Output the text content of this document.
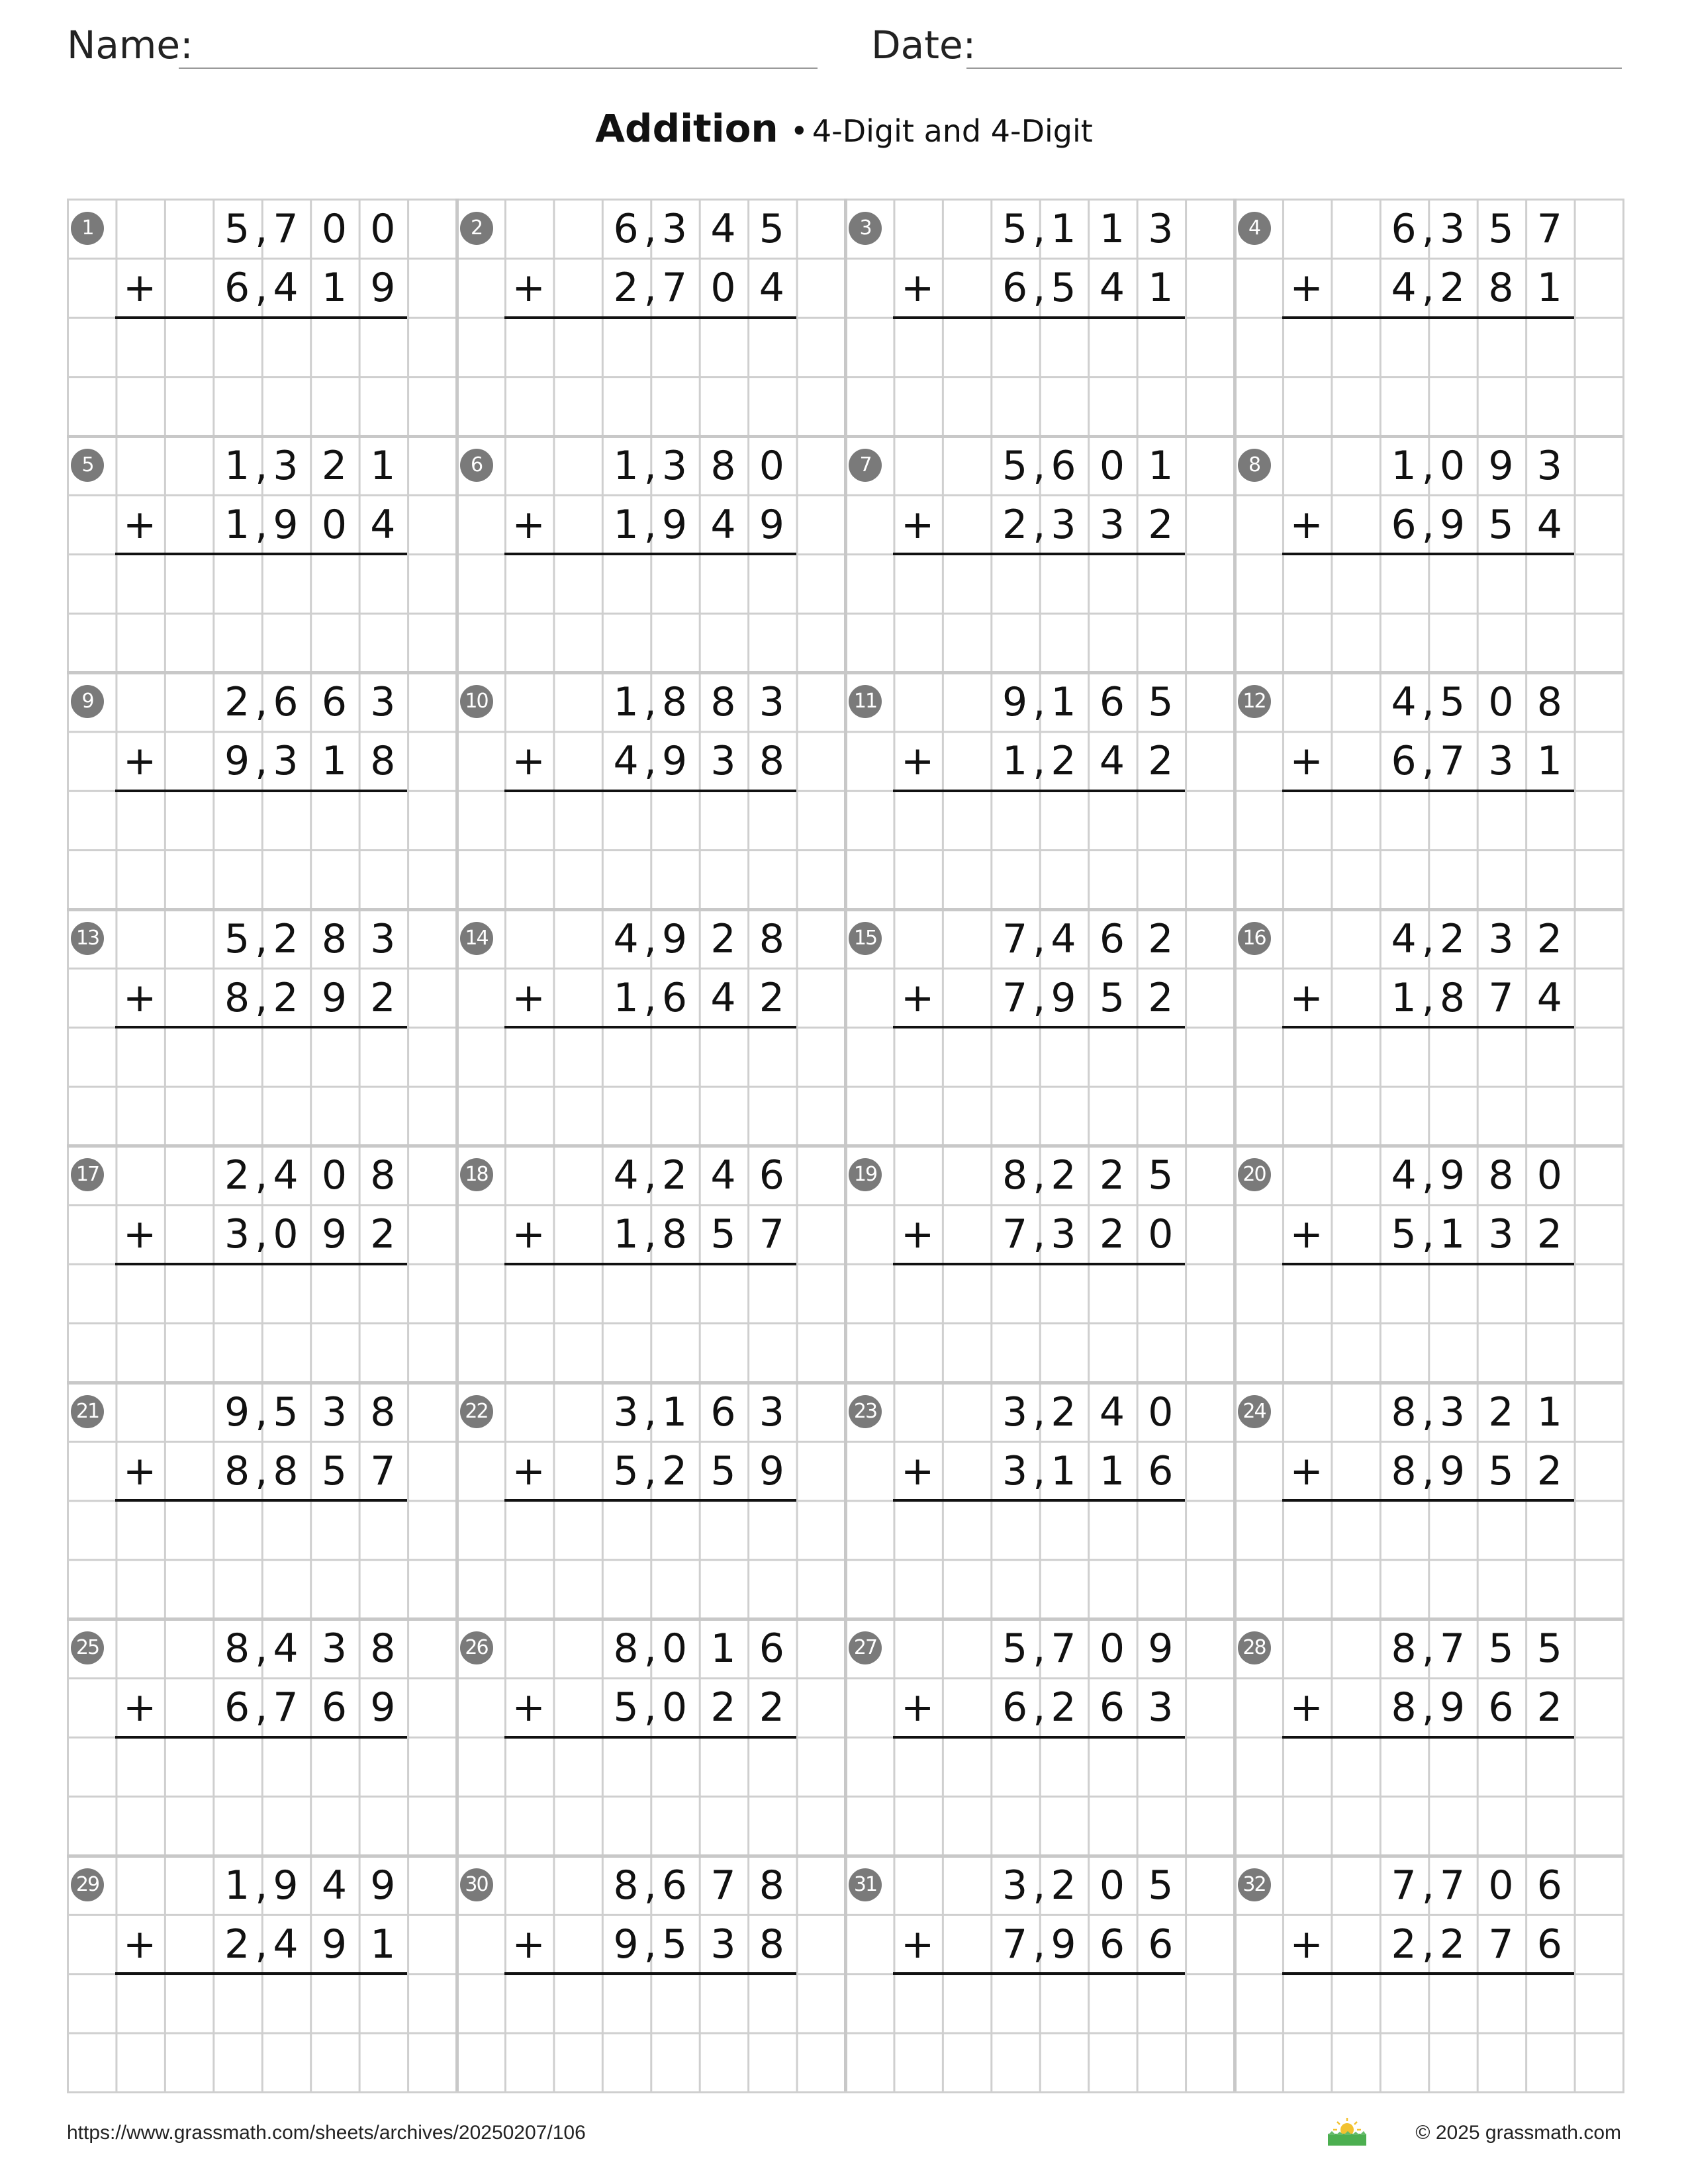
Name:	Date:
Addition • 4-Digit and 4-Digit
1	5 7 0 0
,
6 4 1 9
,
+
2	6 3 4 5
,
2 7 0 4
,
+
3	5 1 1 3
,
6 5 4 1
,
+
4	6 3 5 7
,
4 2 8 1
,
+
5	1 3 2 1
,
1 9 0 4
,
+
6	1 3 8 0
,
1 9 4 9
,
+
7	5 6 0 1
,
2 3 3 2
,
+
8	1 0 9 3
,
6 9 5 4
,
+
9	2 6 6 3
,
9 3 1 8
,
+
10	1 8 8 3
,
4 9 3 8
,
+
11	9 1 6 5
,
1 2 4 2
,
+
12	4 5 0 8
,
6 7 3 1
,
+
13	5 2 8 3
,
8 2 9 2
,
+
14	4 9 2 8
,
1 6 4 2
,
+
15	7 4 6 2
,
7 9 5 2
,
+
16	4 2 3 2
,
1 8 7 4
,
+
17	2 4 0 8
,
3 0 9 2
,
+
18	4 2 4 6
,
1 8 5 7
,
+
19	8 2 2 5
,
7 3 2 0
,
+
20	4 9 8 0
,
5 1 3 2
,
+
21	9 5 3 8
,
8 8 5 7
,
+
22	3 1 6 3
,
5 2 5 9
,
+
23	3 2 4 0
,
3 1 1 6
,
+
24	8 3 2 1
,
8 9 5 2
,
+
25	8 4 3 8
,
6 7 6 9
,
+
26	8 0 1 6
,
5 0 2 2
,
+
27	5 7 0 9
,
6 2 6 3
,
+
28	8 7 5 5
,
8 9 6 2
,
+
29	1 9 4 9
,
2 4 9 1
,
+
30	8 6 7 8
,
9 5 3 8
,
+
31	3 2 0 5
,
7 9 6 6
,
+
32	7 7 0 6
,
2 2 7 6
,
+
https://www.grassmath.com/sheets/archives/20250207/106	© 2025 grassmath.com
